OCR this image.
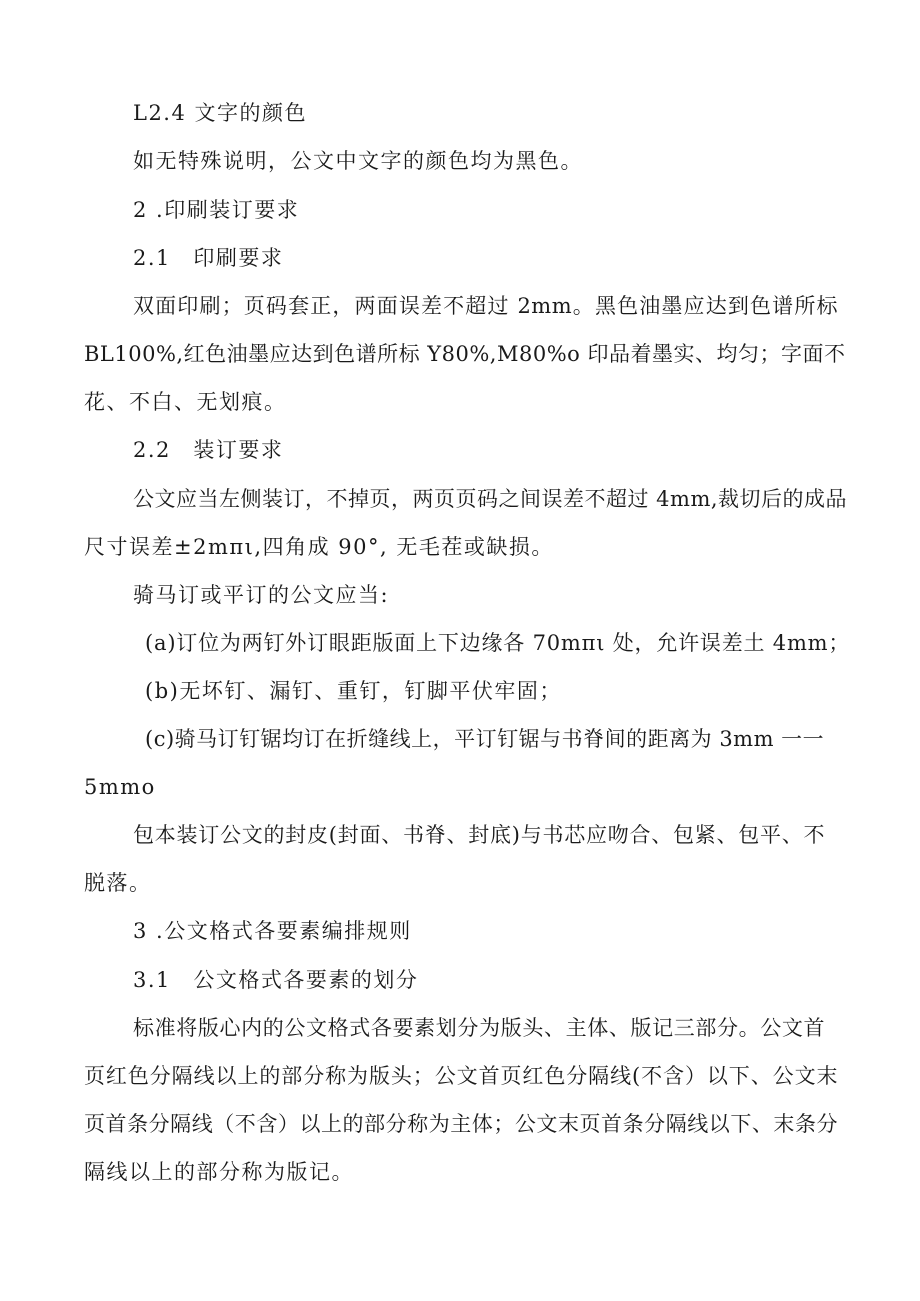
L2.4 文字的颜色
如无特殊说明，公文中文字的颜色均为黑色。
2 .印刷装订要求
2.1　印刷要求
双面印刷；页码套正，两面误差不超过 2mm。黑色油墨应达到色谱所标
BL100%,红色油墨应达到色谱所标 Y80%,M80%o 印品着墨实、均匀；字面不
花、不白、无划痕。
2.2　装订要求
公文应当左侧装订，不掉页，两页页码之间误差不超过 4mm,裁切后的成品
尺寸误差±2mπι,四角成 90°, 无毛茬或缺损。
骑马订或平订的公文应当:
(a)订位为两钉外订眼距版面上下边缘各 70mπι 处，允许误差土 4mm；
(b)无坏钉、漏钉、重钉，钉脚平伏牢固；
(c)骑马订钉锯均订在折缝线上，平订钉锯与书脊间的距离为 3mm 一一
5mmo
包本装订公文的封皮(封面、书脊、封底)与书芯应吻合、包紧、包平、不
脱落。
3 .公文格式各要素编排规则
3.1　公文格式各要素的划分
标准将版心内的公文格式各要素划分为版头、主体、版记三部分。公文首
页红色分隔线以上的部分称为版头；公文首页红色分隔线(不含）以下、公文末
页首条分隔线（不含）以上的部分称为主体；公文末页首条分隔线以下、末条分
隔线以上的部分称为版记。
